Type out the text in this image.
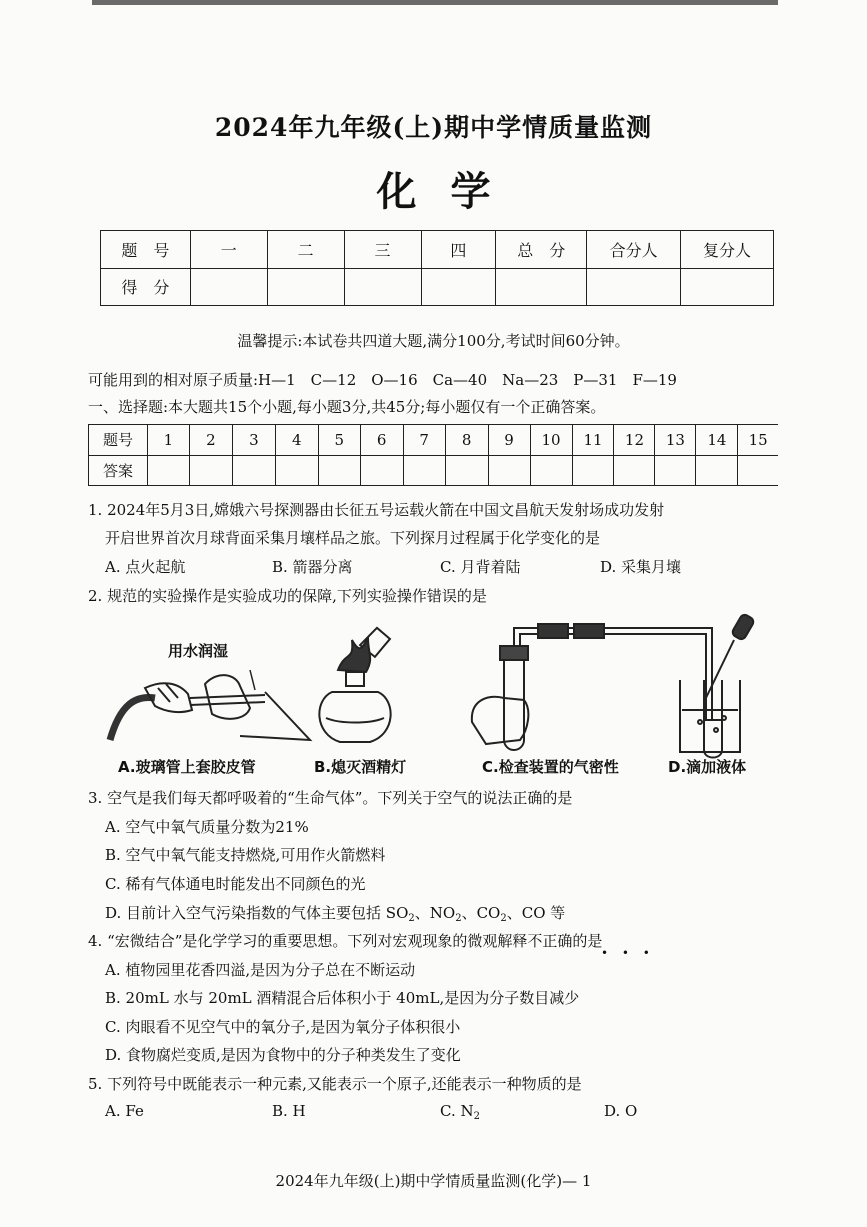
2024年九年级(上)期中学情质量监测
化学
题　号	一	二	三	四	总　分	合分人	复分人
得　分							
温馨提示:本试卷共四道大题,满分100分,考试时间60分钟。
可能用到的相对原子质量:H—1　C—12　O—16　Ca—40　Na—23　P—31　F—19
一、选择题:本大题共15个小题,每小题3分,共45分;每小题仅有一个正确答案。
题号	1	2	3	4	5	6	7	8	9	10	11	12	13	14	15
答案															
1. 2024年5月3日,嫦娥六号探测器由长征五号运载火箭在中国文昌航天发射场成功发射
开启世界首次月球背面采集月壤样品之旅。下列探月过程属于化学变化的是
A. 点火起航	B. 箭器分离	C. 月背着陆	D. 采集月壤
2. 规范的实验操作是实验成功的保障,下列实验操作错误的是
用水润湿
A.玻璃管上套胶皮管	B.熄灭酒精灯	C.检查装置的气密性	D.滴加液体
3. 空气是我们每天都呼吸着的“生命气体”。下列关于空气的说法正确的是
A. 空气中氧气质量分数为21%
B. 空气中氧气能支持燃烧,可用作火箭燃料
C. 稀有气体通电时能发出不同颜色的光
D. 目前计入空气污染指数的气体主要包括 $SO_2$、$NO_2$、$CO_2$、CO 等
4. “宏微结合”是化学学习的重要思想。下列对宏观现象的微观解释不正确的是
• • •
A. 植物园里花香四溢,是因为分子总在不断运动
B. 20mL 水与 20mL 酒精混合后体积小于 40mL,是因为分子数目减少
C. 肉眼看不见空气中的氧分子,是因为氧分子体积很小
D. 食物腐烂变质,是因为食物中的分子种类发生了变化
5. 下列符号中既能表示一种元素,又能表示一个原子,还能表示一种物质的是
A. Fe	B. H	C. $N_2$	D. O
2024年九年级(上)期中学情质量监测(化学)— 1
